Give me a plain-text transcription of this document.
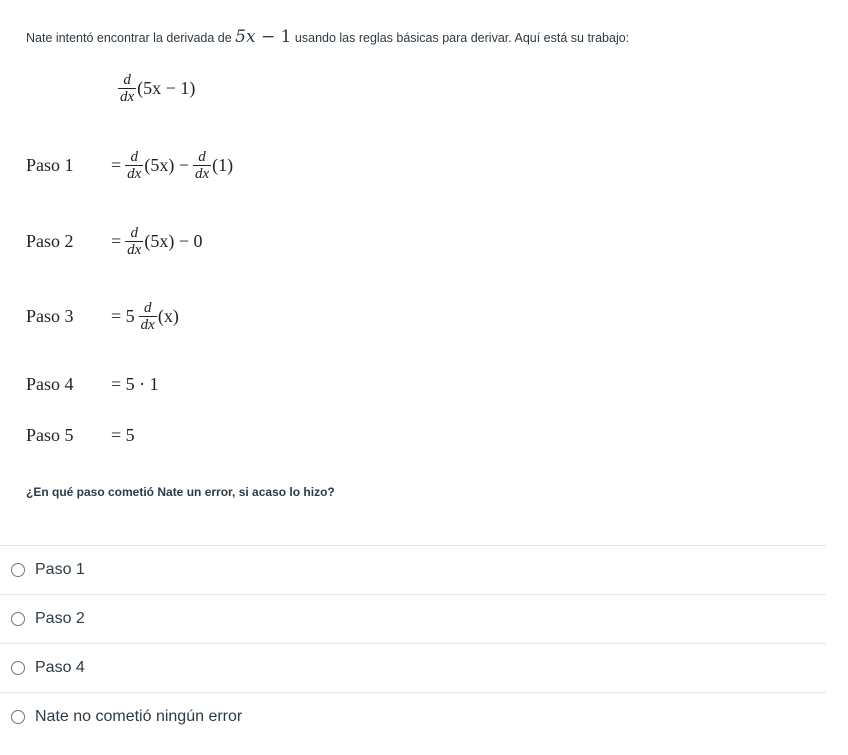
Nate intentó encontrar la derivada de 5x − 1 usando las reglas básicas para derivar. Aquí está su trabajo:
$\frac{d}{dx} (5x - 1)$
Paso 1	= $\frac{d}{dx} (5x) - \frac{d}{dx} (1)$
Paso 2	= $\frac{d}{dx} (5x) - 0$
Paso 3	= $5 \frac{d}{dx} (x)$
Paso 4	= 5 · 1
Paso 5	= 5
¿En qué paso cometió Nate un error, si acaso lo hizo?
Paso 1
Paso 2
Paso 4
Nate no cometió ningún error
